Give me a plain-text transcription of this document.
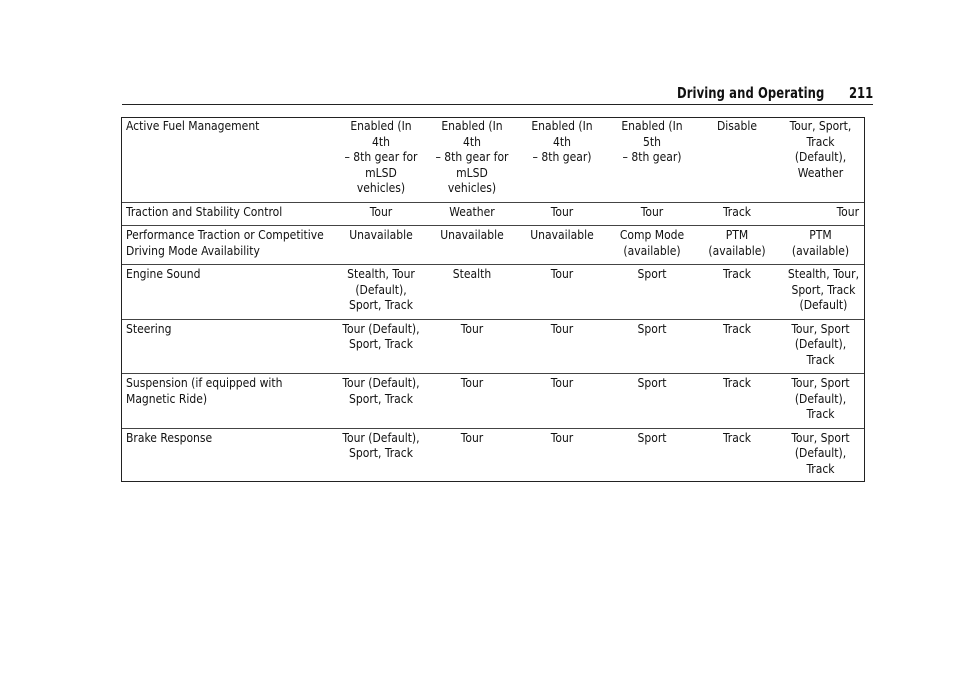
Driving and Operating 211
Active Fuel Management	Enabled (In 4th
– 8th gear for
mLSD vehicles)	Enabled (In 4th
– 8th gear for
mLSD vehicles)	Enabled (In 4th
– 8th gear)	Enabled (In 5th
– 8th gear)	Disable	Tour, Sport,
Track (Default),
Weather
Traction and Stability Control	Tour	Weather	Tour	Tour	Track	Tour
Performance Traction or Competitive
Driving Mode Availability	Unavailable	Unavailable	Unavailable	Comp Mode
(available)	PTM
(available)	PTM (available)
Engine Sound	Stealth, Tour
(Default),
Sport, Track	Stealth	Tour	Sport	Track	Stealth, Tour,
Sport, Track
(Default)
Steering	Tour (Default),
Sport, Track	Tour	Tour	Sport	Track	Tour, Sport
(Default), Track
Suspension (if equipped with
Magnetic Ride)	Tour (Default),
Sport, Track	Tour	Tour	Sport	Track	Tour, Sport
(Default), Track
Brake Response	Tour (Default),
Sport, Track	Tour	Tour	Sport	Track	Tour, Sport
(Default), Track
